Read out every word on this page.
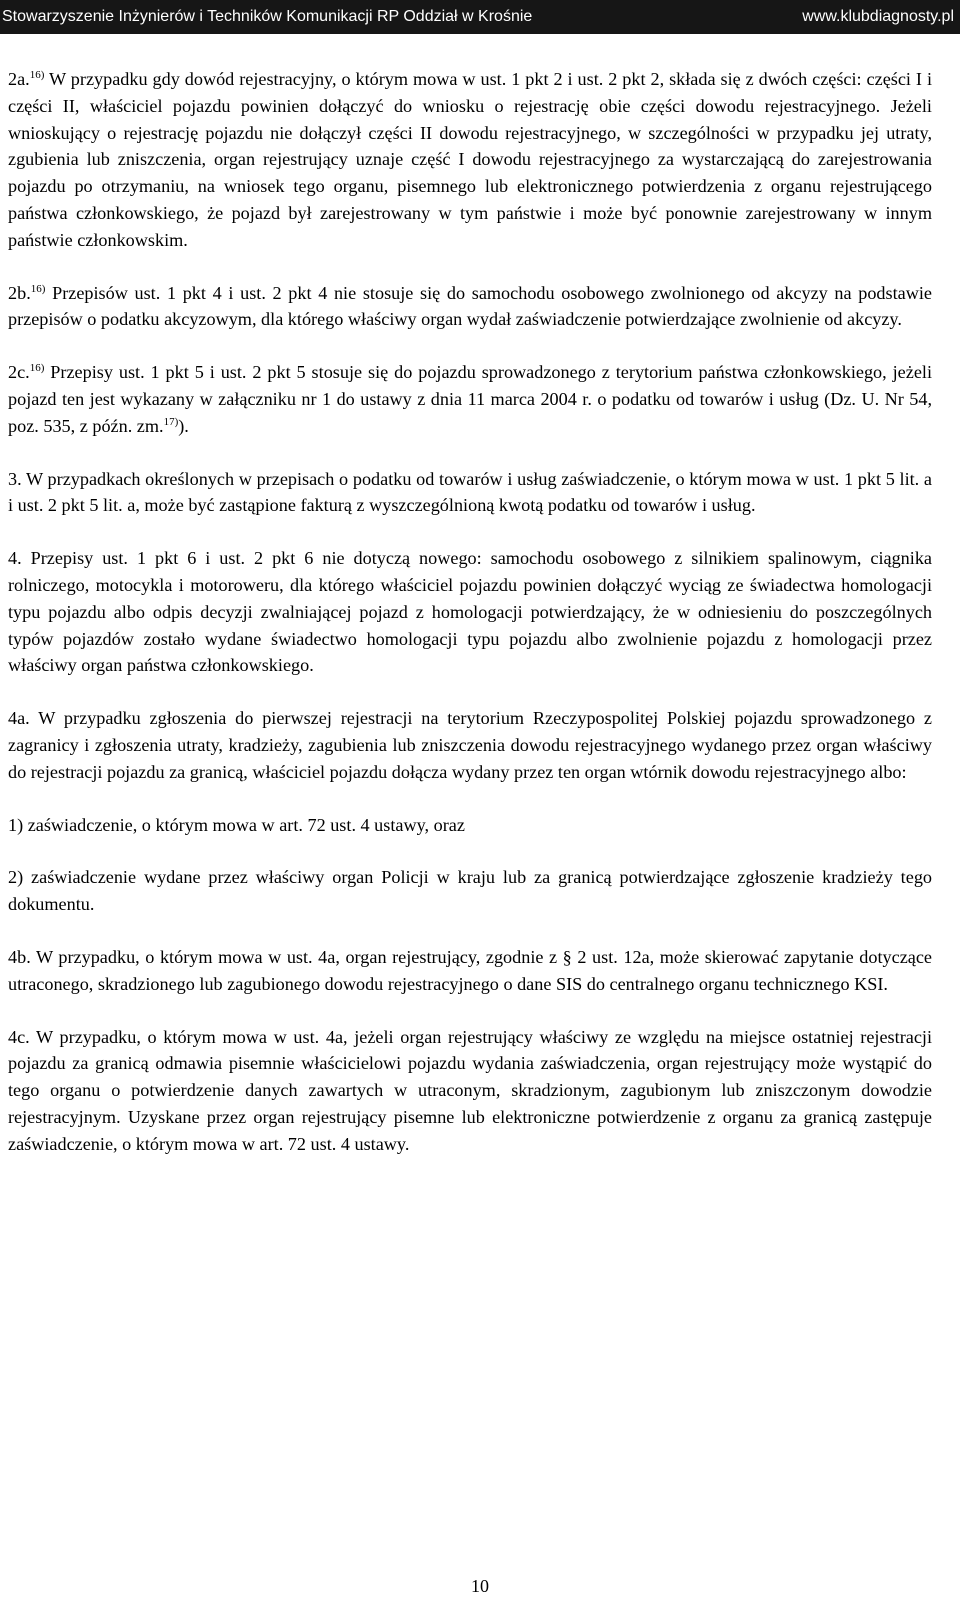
Stowarzyszenie Inżynierów i Techników Komunikacji RP Oddział w Krośnie	www.klubdiagnosty.pl

2a.$^{16)}$ W przypadku gdy dowód rejestracyjny, o którym mowa w ust. 1 pkt 2 i ust. 2 pkt 2, składa się z dwóch części: części I i części II, właściciel pojazdu powinien dołączyć do wniosku o rejestrację obie części dowodu rejestracyjnego. Jeżeli wnioskujący o rejestrację pojazdu nie dołączył części II dowodu rejestracyjnego, w szczególności w przypadku jej utraty, zgubienia lub zniszczenia, organ rejestrujący uznaje część I dowodu rejestracyjnego za wystarczającą do zarejestrowania pojazdu po otrzymaniu, na wniosek tego organu, pisemnego lub elektronicznego potwierdzenia z organu rejestrującego państwa członkowskiego, że pojazd był zarejestrowany w tym państwie i może być ponownie zarejestrowany w innym państwie członkowskim.

2b.$^{16)}$ Przepisów ust. 1 pkt 4 i ust. 2 pkt 4 nie stosuje się do samochodu osobowego zwolnionego od akcyzy na podstawie przepisów o podatku akcyzowym, dla którego właściwy organ wydał zaświadczenie potwierdzające zwolnienie od akcyzy.

2c.$^{16)}$ Przepisy ust. 1 pkt 5 i ust. 2 pkt 5 stosuje się do pojazdu sprowadzonego z terytorium państwa członkowskiego, jeżeli pojazd ten jest wykazany w załączniku nr 1 do ustawy z dnia 11 marca 2004 r. o podatku od towarów i usług (Dz. U. Nr 54, poz. 535, z późn. zm.$^{17)}$).

3. W przypadkach określonych w przepisach o podatku od towarów i usług zaświadczenie, o którym mowa w ust. 1 pkt 5 lit. a i ust. 2 pkt 5 lit. a, może być zastąpione fakturą z wyszczególnioną kwotą podatku od towarów i usług.

4. Przepisy ust. 1 pkt 6 i ust. 2 pkt 6 nie dotyczą nowego: samochodu osobowego z silnikiem spalinowym, ciągnika rolniczego, motocykla i motoroweru, dla którego właściciel pojazdu powinien dołączyć wyciąg ze świadectwa homologacji typu pojazdu albo odpis decyzji zwalniającej pojazd z homologacji potwierdzający, że w odniesieniu do poszczególnych typów pojazdów zostało wydane świadectwo homologacji typu pojazdu albo zwolnienie pojazdu z homologacji przez właściwy organ państwa członkowskiego.

4a. W przypadku zgłoszenia do pierwszej rejestracji na terytorium Rzeczypospolitej Polskiej pojazdu sprowadzonego z zagranicy i zgłoszenia utraty, kradzieży, zagubienia lub zniszczenia dowodu rejestracyjnego wydanego przez organ właściwy do rejestracji pojazdu za granicą, właściciel pojazdu dołącza wydany przez ten organ wtórnik dowodu rejestracyjnego albo:

1) zaświadczenie, o którym mowa w art. 72 ust. 4 ustawy, oraz

2) zaświadczenie wydane przez właściwy organ Policji w kraju lub za granicą potwierdzające zgłoszenie kradzieży tego dokumentu.

4b. W przypadku, o którym mowa w ust. 4a, organ rejestrujący, zgodnie z § 2 ust. 12a, może skierować zapytanie dotyczące utraconego, skradzionego lub zagubionego dowodu rejestracyjnego o dane SIS do centralnego organu technicznego KSI.

4c. W przypadku, o którym mowa w ust. 4a, jeżeli organ rejestrujący właściwy ze względu na miejsce ostatniej rejestracji pojazdu za granicą odmawia pisemnie właścicielowi pojazdu wydania zaświadczenia, organ rejestrujący może wystąpić do tego organu o potwierdzenie danych zawartych w utraconym, skradzionym, zagubionym lub zniszczonym dowodzie rejestracyjnym. Uzyskane przez organ rejestrujący pisemne lub elektroniczne potwierdzenie z organu za granicą zastępuje zaświadczenie, o którym mowa w art. 72 ust. 4 ustawy.

10
